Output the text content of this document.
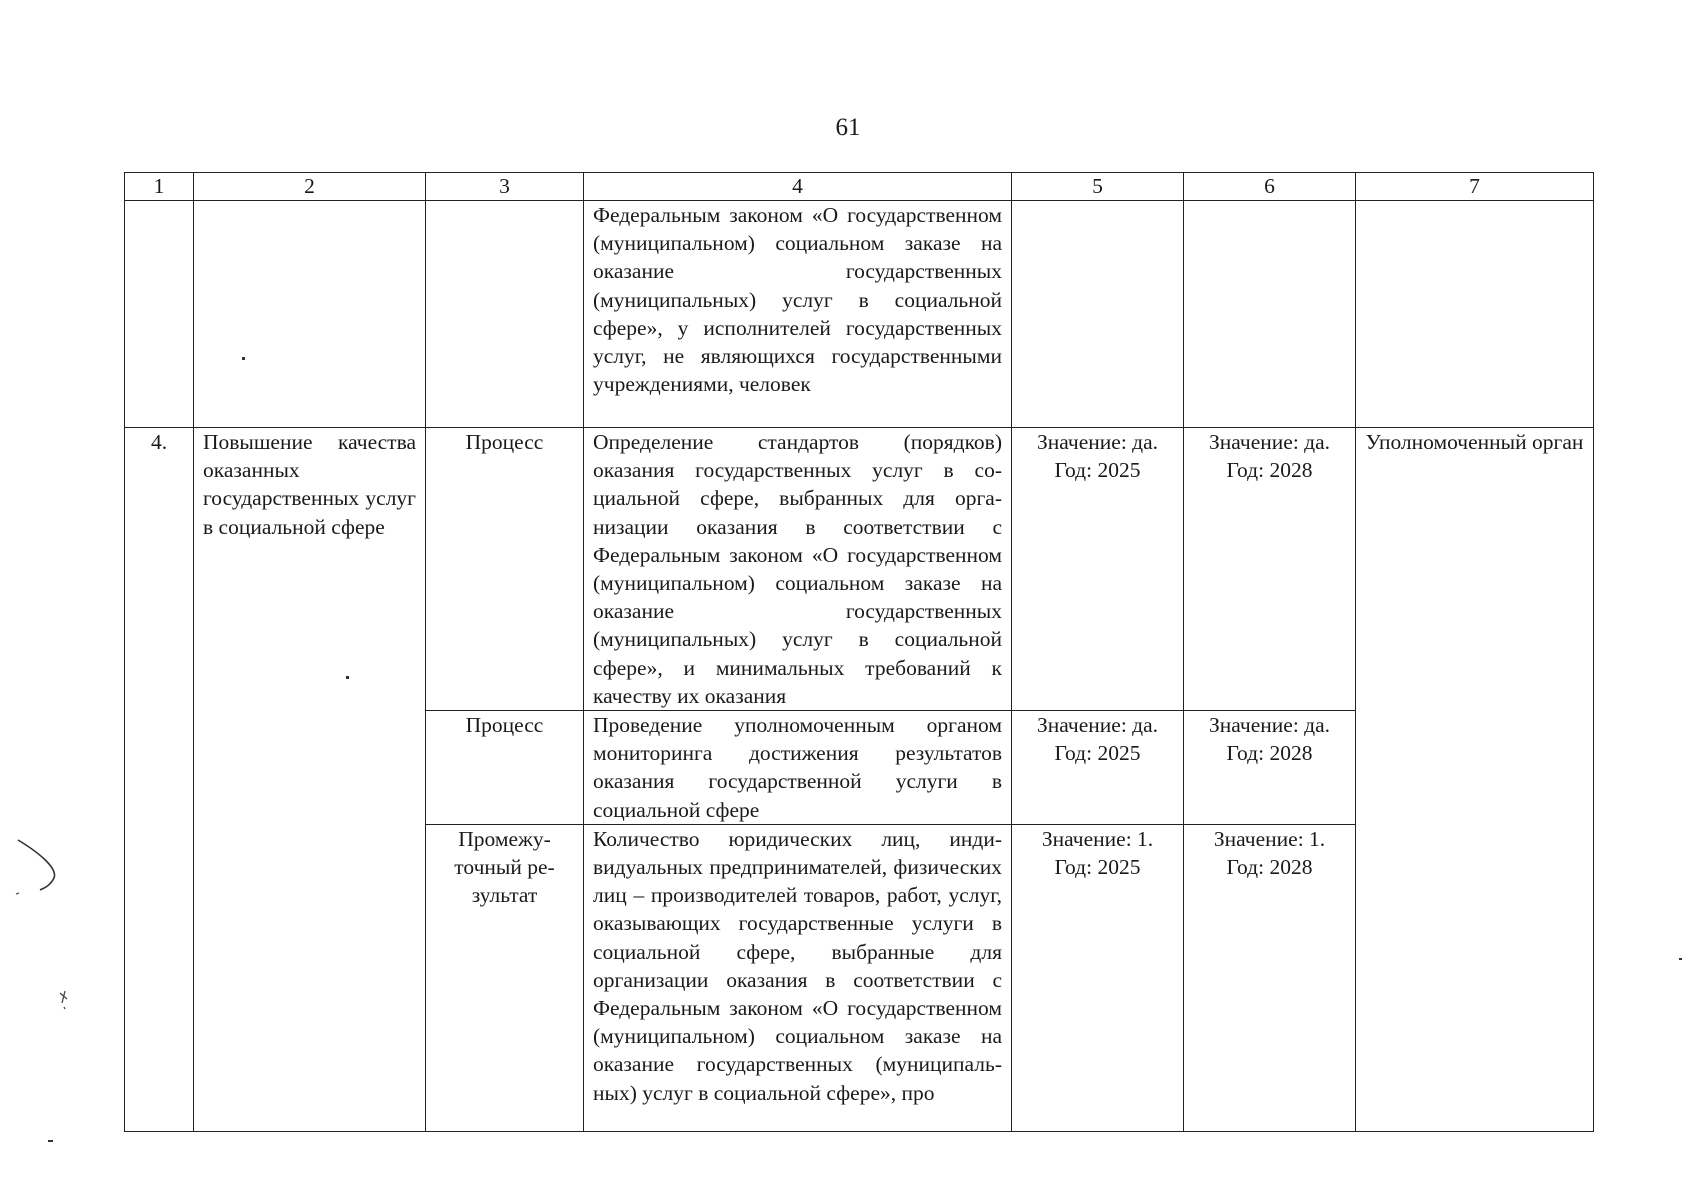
61
1	2	3	4	5	6	7
			Федеральным законом «О государственном (муниципальном) социальном заказе на оказание государственных (муниципальных) услуг в социальной сфере», у исполнителей государственных услуг, не являющихся государственными учреждениями, человек			
4.	Повышение качества оказанных государственных услуг в социальной сфере	Процесс	Определение стандартов (порядков) оказания государственных услуг в социальной сфере, выбранных для организации оказания в соответствии с Федеральным законом «О государственном (муниципальном) социальном заказе на оказание государственных (муниципальных) услуг в социальной сфере», и минимальных требований к качеству их оказания	Значение: да. Год: 2025	Значение: да. Год: 2028	Уполномоченный орган
		Процесс	Проведение уполномоченным органом мониторинга достижения результатов оказания государственной услуги в социальной сфере	Значение: да. Год: 2025	Значение: да. Год: 2028	
		Промежуточный результат	Количество юридических лиц, индивидуальных предпринимателей, физических лиц – производителей товаров, работ, услуг, оказывающих государственные услуги в социальной сфере, выбранные для организации оказания в соответствии с Федеральным законом «О государственном (муниципальном) социальном заказе на оказание государственных (муниципальных) услуг в социальной сфере», про	Значение: 1. Год: 2025	Значение: 1. Год: 2028	
